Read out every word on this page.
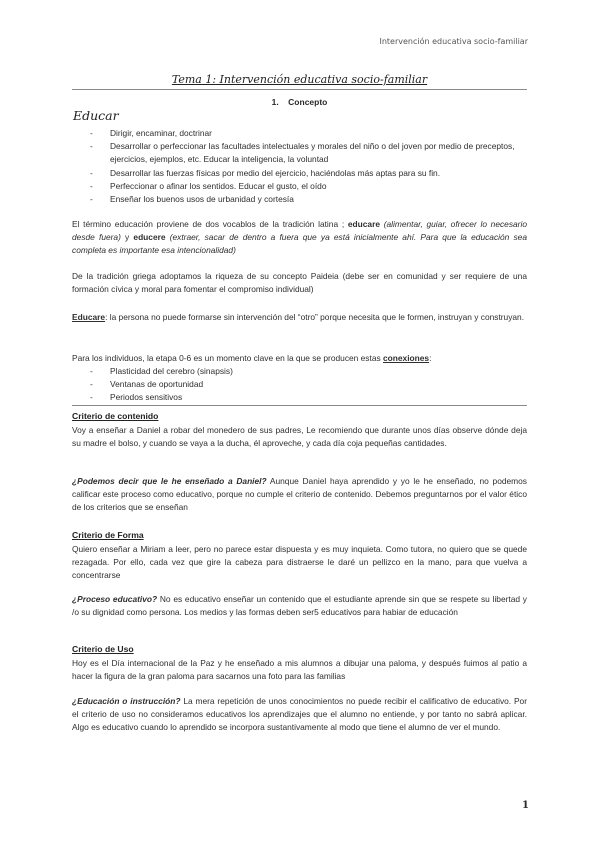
Intervención educativa socio-familiar
Tema 1: Intervención educativa socio-familiar
1. Concepto
Educar
- Dirigir, encaminar, doctrinar
- Desarrollar o perfeccionar las facultades intelectuales y morales del niño o del joven por medio de preceptos, ejercicios, ejemplos, etc. Educar la inteligencia, la voluntad
- Desarrollar las fuerzas físicas por medio del ejercicio, haciéndolas más aptas para su fin.
- Perfeccionar o afinar los sentidos. Educar el gusto, el oído
- Enseñar los buenos usos de urbanidad y cortesía
El término educación proviene de dos vocablos de la tradición latina ; educare (alimentar, guiar, ofrecer lo necesario desde fuera) y educere (extraer, sacar de dentro a fuera que ya está inicialmente ahí. Para que la educación sea completa es importante esa intencionalidad)
De la tradición griega adoptamos la riqueza de su concepto Paideia (debe ser en comunidad y ser requiere de una formación cívica y moral para fomentar el compromiso individual)
Educare: la persona no puede formarse sin intervención del “otro” porque necesita que le formen, instruyan y construyan.
Para los individuos, la etapa 0-6 es un momento clave en la que se producen estas conexiones:
- Plasticidad del cerebro (sinapsis)
- Ventanas de oportunidad
- Periodos sensitivos
Criterio de contenido
Voy a enseñar a Daniel a robar del monedero de sus padres, Le recomiendo que durante unos días observe dónde deja su madre el bolso, y cuando se vaya a la ducha, él aproveche, y cada día coja pequeñas cantidades.
¿Podemos decir que le he enseñado a Daniel? Aunque Daniel haya aprendido y yo le he enseñado, no podemos calificar este proceso como educativo, porque no cumple el criterio de contenido. Debemos preguntarnos por el valor ético de los criterios que se enseñan
Criterio de Forma
Quiero enseñar a Miriam a leer, pero no parece estar dispuesta y es muy inquieta. Como tutora, no quiero que se quede rezagada. Por ello, cada vez que gire la cabeza para distraerse le daré un pellizco en la mano, para que vuelva a concentrarse
¿Proceso educativo? No es educativo enseñar un contenido que el estudiante aprende sin que se respete su libertad y /o su dignidad como persona. Los medios y las formas deben ser5 educativos para habiar de educación
Criterio de Uso
Hoy es el Día internacional de la Paz y he enseñado a mis alumnos a dibujar una paloma, y después fuimos al patio a hacer la figura de la gran paloma para sacarnos una foto para las familias
¿Educación o instrucción? La mera repetición de unos conocimientos no puede recibir el calificativo de educativo. Por el criterio de uso no consideramos educativos los aprendizajes que el alumno no entiende, y por tanto no sabrá aplicar. Algo es educativo cuando lo aprendido se incorpora sustantivamente al modo que tiene el alumno de ver el mundo.
1
